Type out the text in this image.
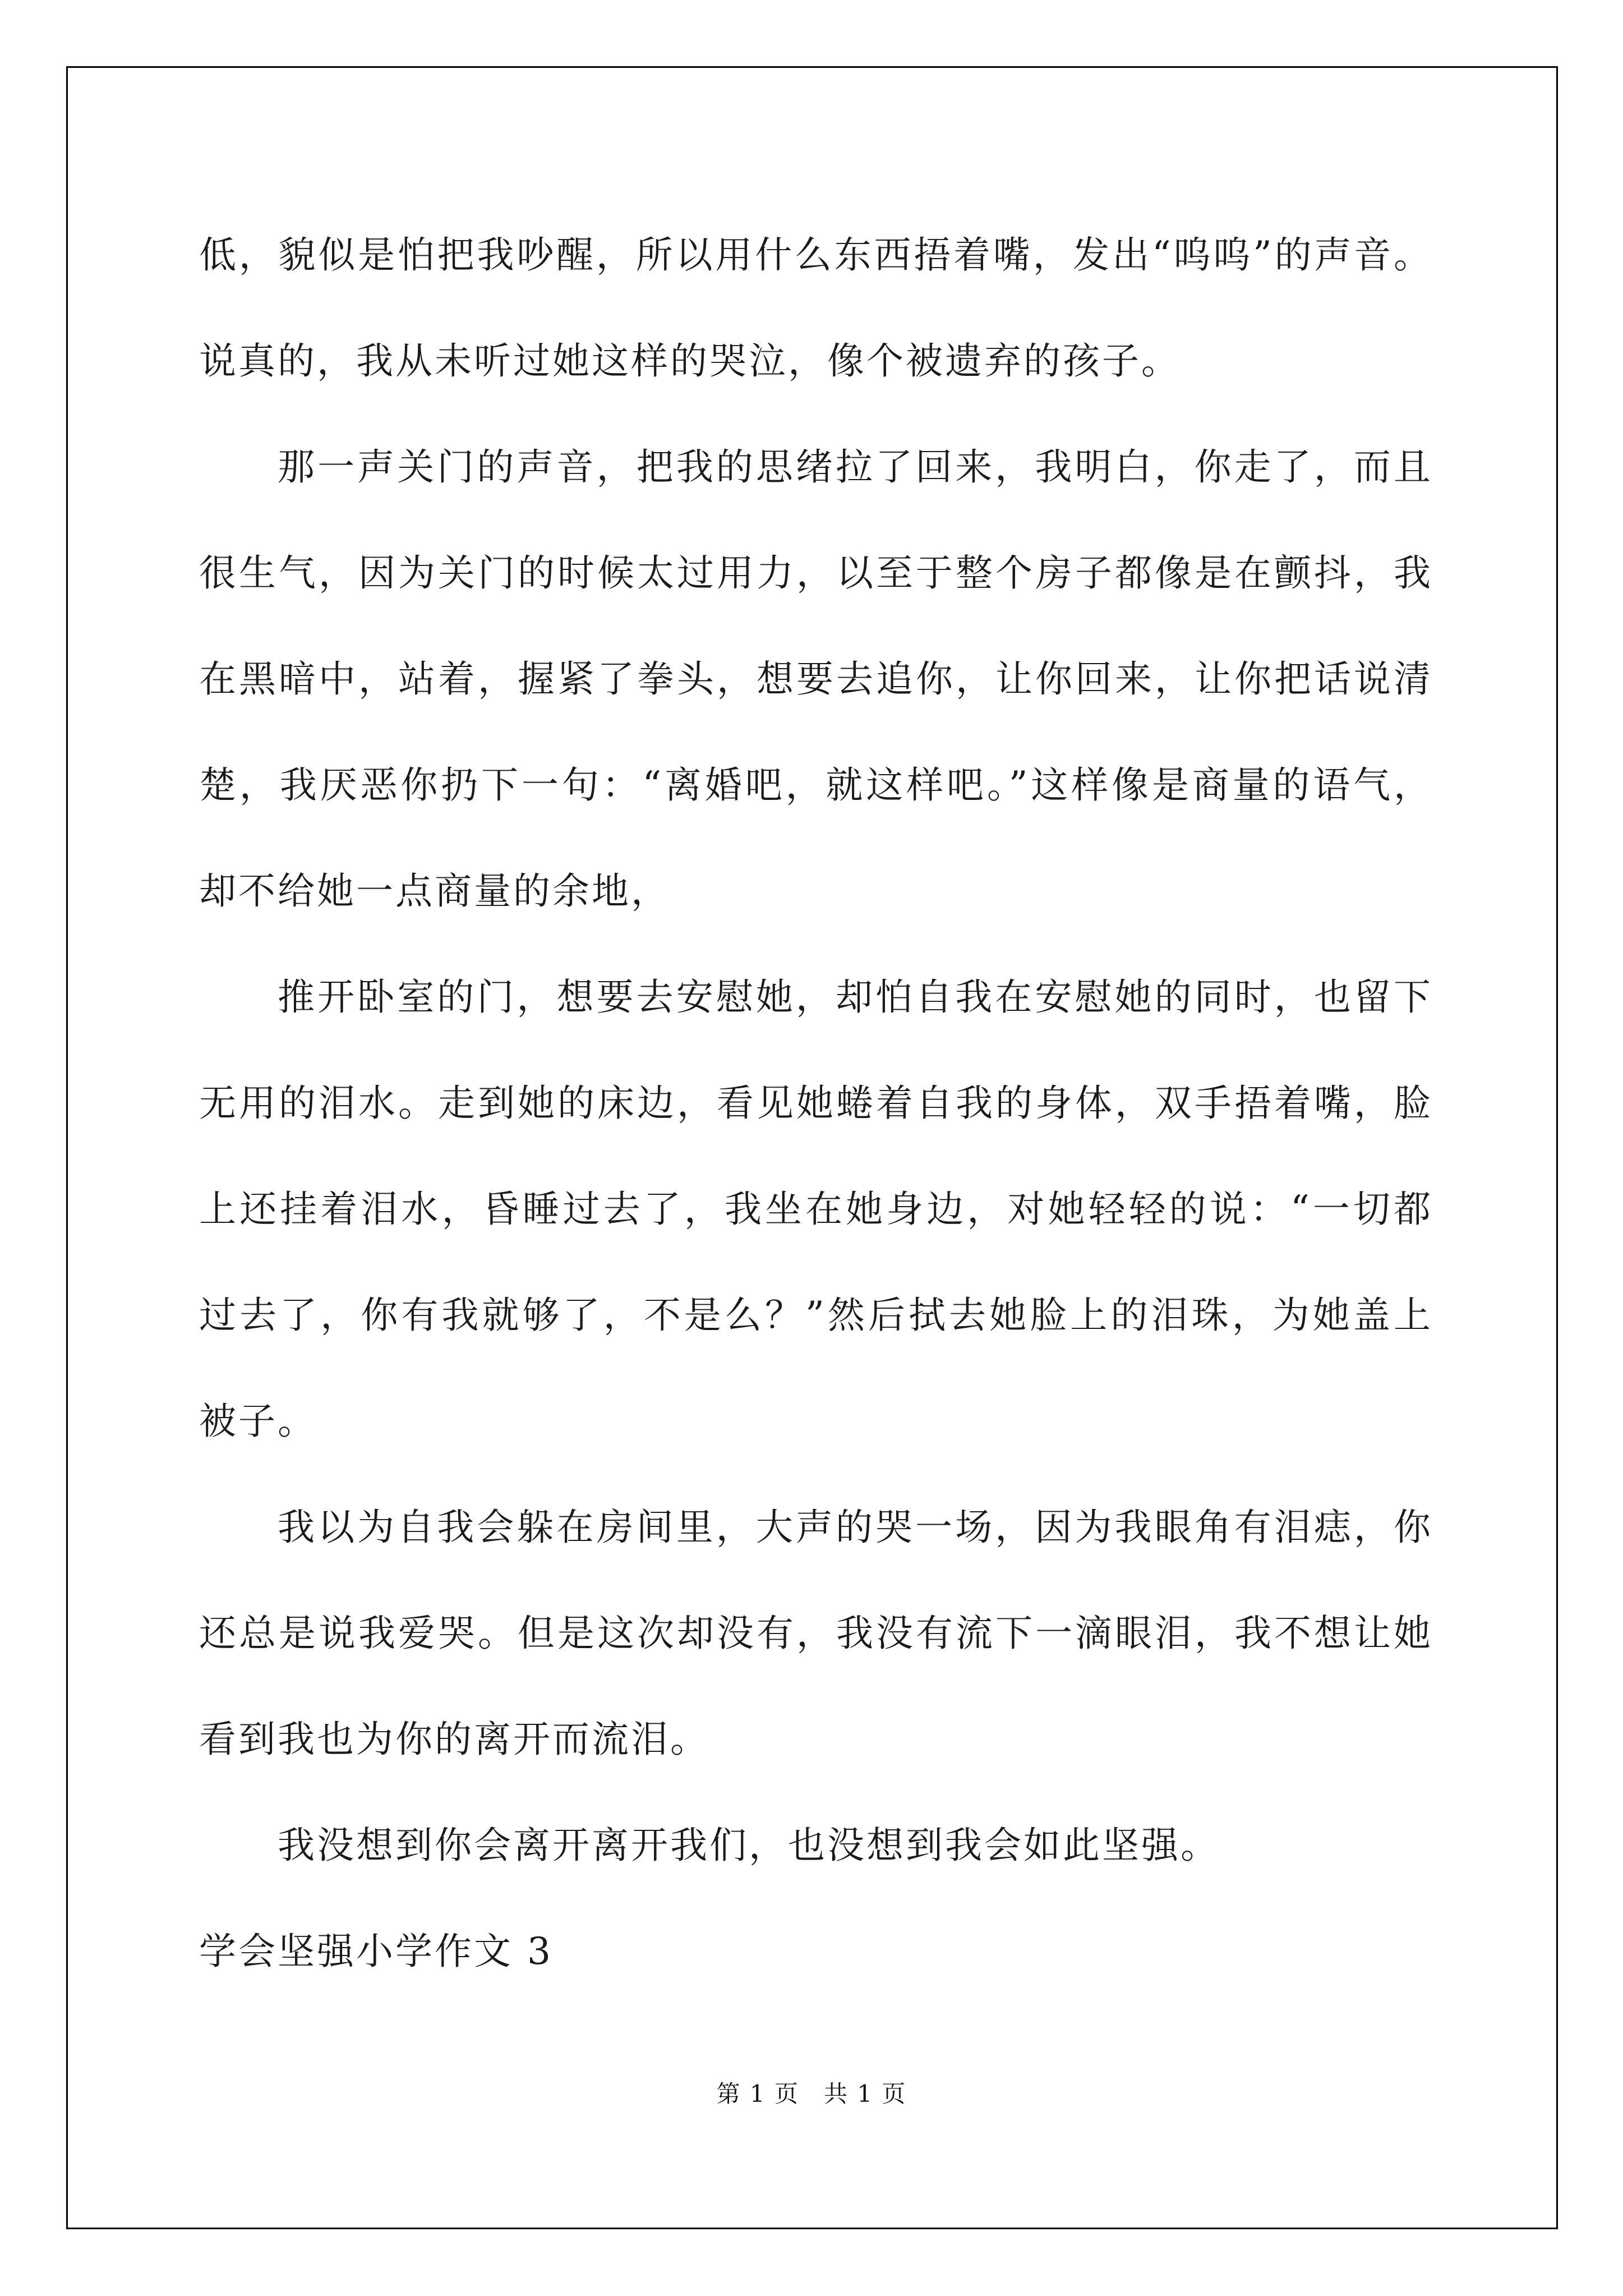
低，貌似是怕把我吵醒，所以用什么东西捂着嘴，发出“呜呜”的声音。说真的，我从未听过她这样的哭泣，像个被遗弃的孩子。

那一声关门的声音，把我的思绪拉了回来，我明白，你走了，而且很生气，因为关门的时候太过用力，以至于整个房子都像是在颤抖，我在黑暗中，站着，握紧了拳头，想要去追你，让你回来，让你把话说清楚，我厌恶你扔下一句：“离婚吧，就这样吧。”这样像是商量的语气，却不给她一点商量的余地，

推开卧室的门，想要去安慰她，却怕自我在安慰她的同时，也留下无用的泪水。走到她的床边，看见她蜷着自我的身体，双手捂着嘴，脸上还挂着泪水，昏睡过去了，我坐在她身边，对她轻轻的说：“一切都过去了，你有我就够了，不是么？”然后拭去她脸上的泪珠，为她盖上被子。

我以为自我会躲在房间里，大声的哭一场，因为我眼角有泪痣，你还总是说我爱哭。但是这次却没有，我没有流下一滴眼泪，我不想让她看到我也为你的离开而流泪。

我没想到你会离开离开我们，也没想到我会如此坚强。

学会坚强小学作文 3

第 1 页　共 1 页
